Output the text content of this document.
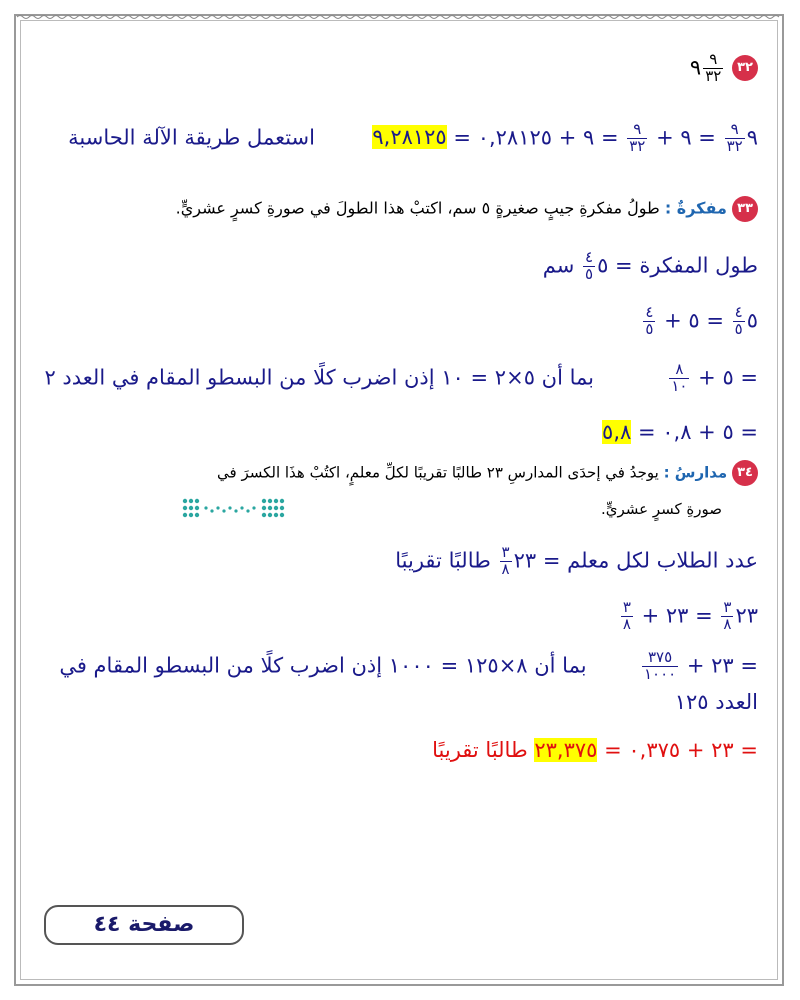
٣٢
$\frac{٩}{٣٢}$
٩
٩
$\frac{٩}{٣٢}$
= ٩ +
$\frac{٩}{٣٢}$
= ٩ + ٠,٢٨١٢٥ = ٩,٢٨١٢٥  استعمل طريقة الآلة الحاسبة
٣٣ مفكرةٌ : طولُ مفكرةِ جيبٍ صغيرةٍ ٥ سم، اكتبْ هذا الطولَ في صورةِ كسرٍ عشريٍّ.
طول المفكرة = ٥
$\frac{٤}{٥}$
سم
٥
$\frac{٤}{٥}$
= ٥ +
$\frac{٤}{٥}$
= ٥ +
$\frac{٨}{١٠}$
بما أن ٥×٢ = ١٠ إذن اضرب كلًا من البسطو المقام في العدد ٢
= ٥ + ٠,٨ = ٥,٨
٣٤ مدارسُ : يوجدُ في إحدَى المدارسِ ٢٣ طالبًا تقريبًا لكلِّ معلمٍ، اكتُبْ هذَا الكسرَ في
صورةِ كسرٍ عشريٍّ.
عدد الطلاب لكل معلم = ٢٣
$\frac{٣}{٨}$
طالبًا تقريبًا
٢٣
$\frac{٣}{٨}$
= ٢٣ +
$\frac{٣}{٨}$
= ٢٣ +
$\frac{٣٧٥}{١٠٠٠}$
بما أن ٨×١٢٥ = ١٠٠٠ إذن اضرب كلًا من البسطو المقام في
العدد ١٢٥
= ٢٣ + ٠,٣٧٥ = ٢٣,٣٧٥ طالبًا تقريبًا
صفحة ٤٤
